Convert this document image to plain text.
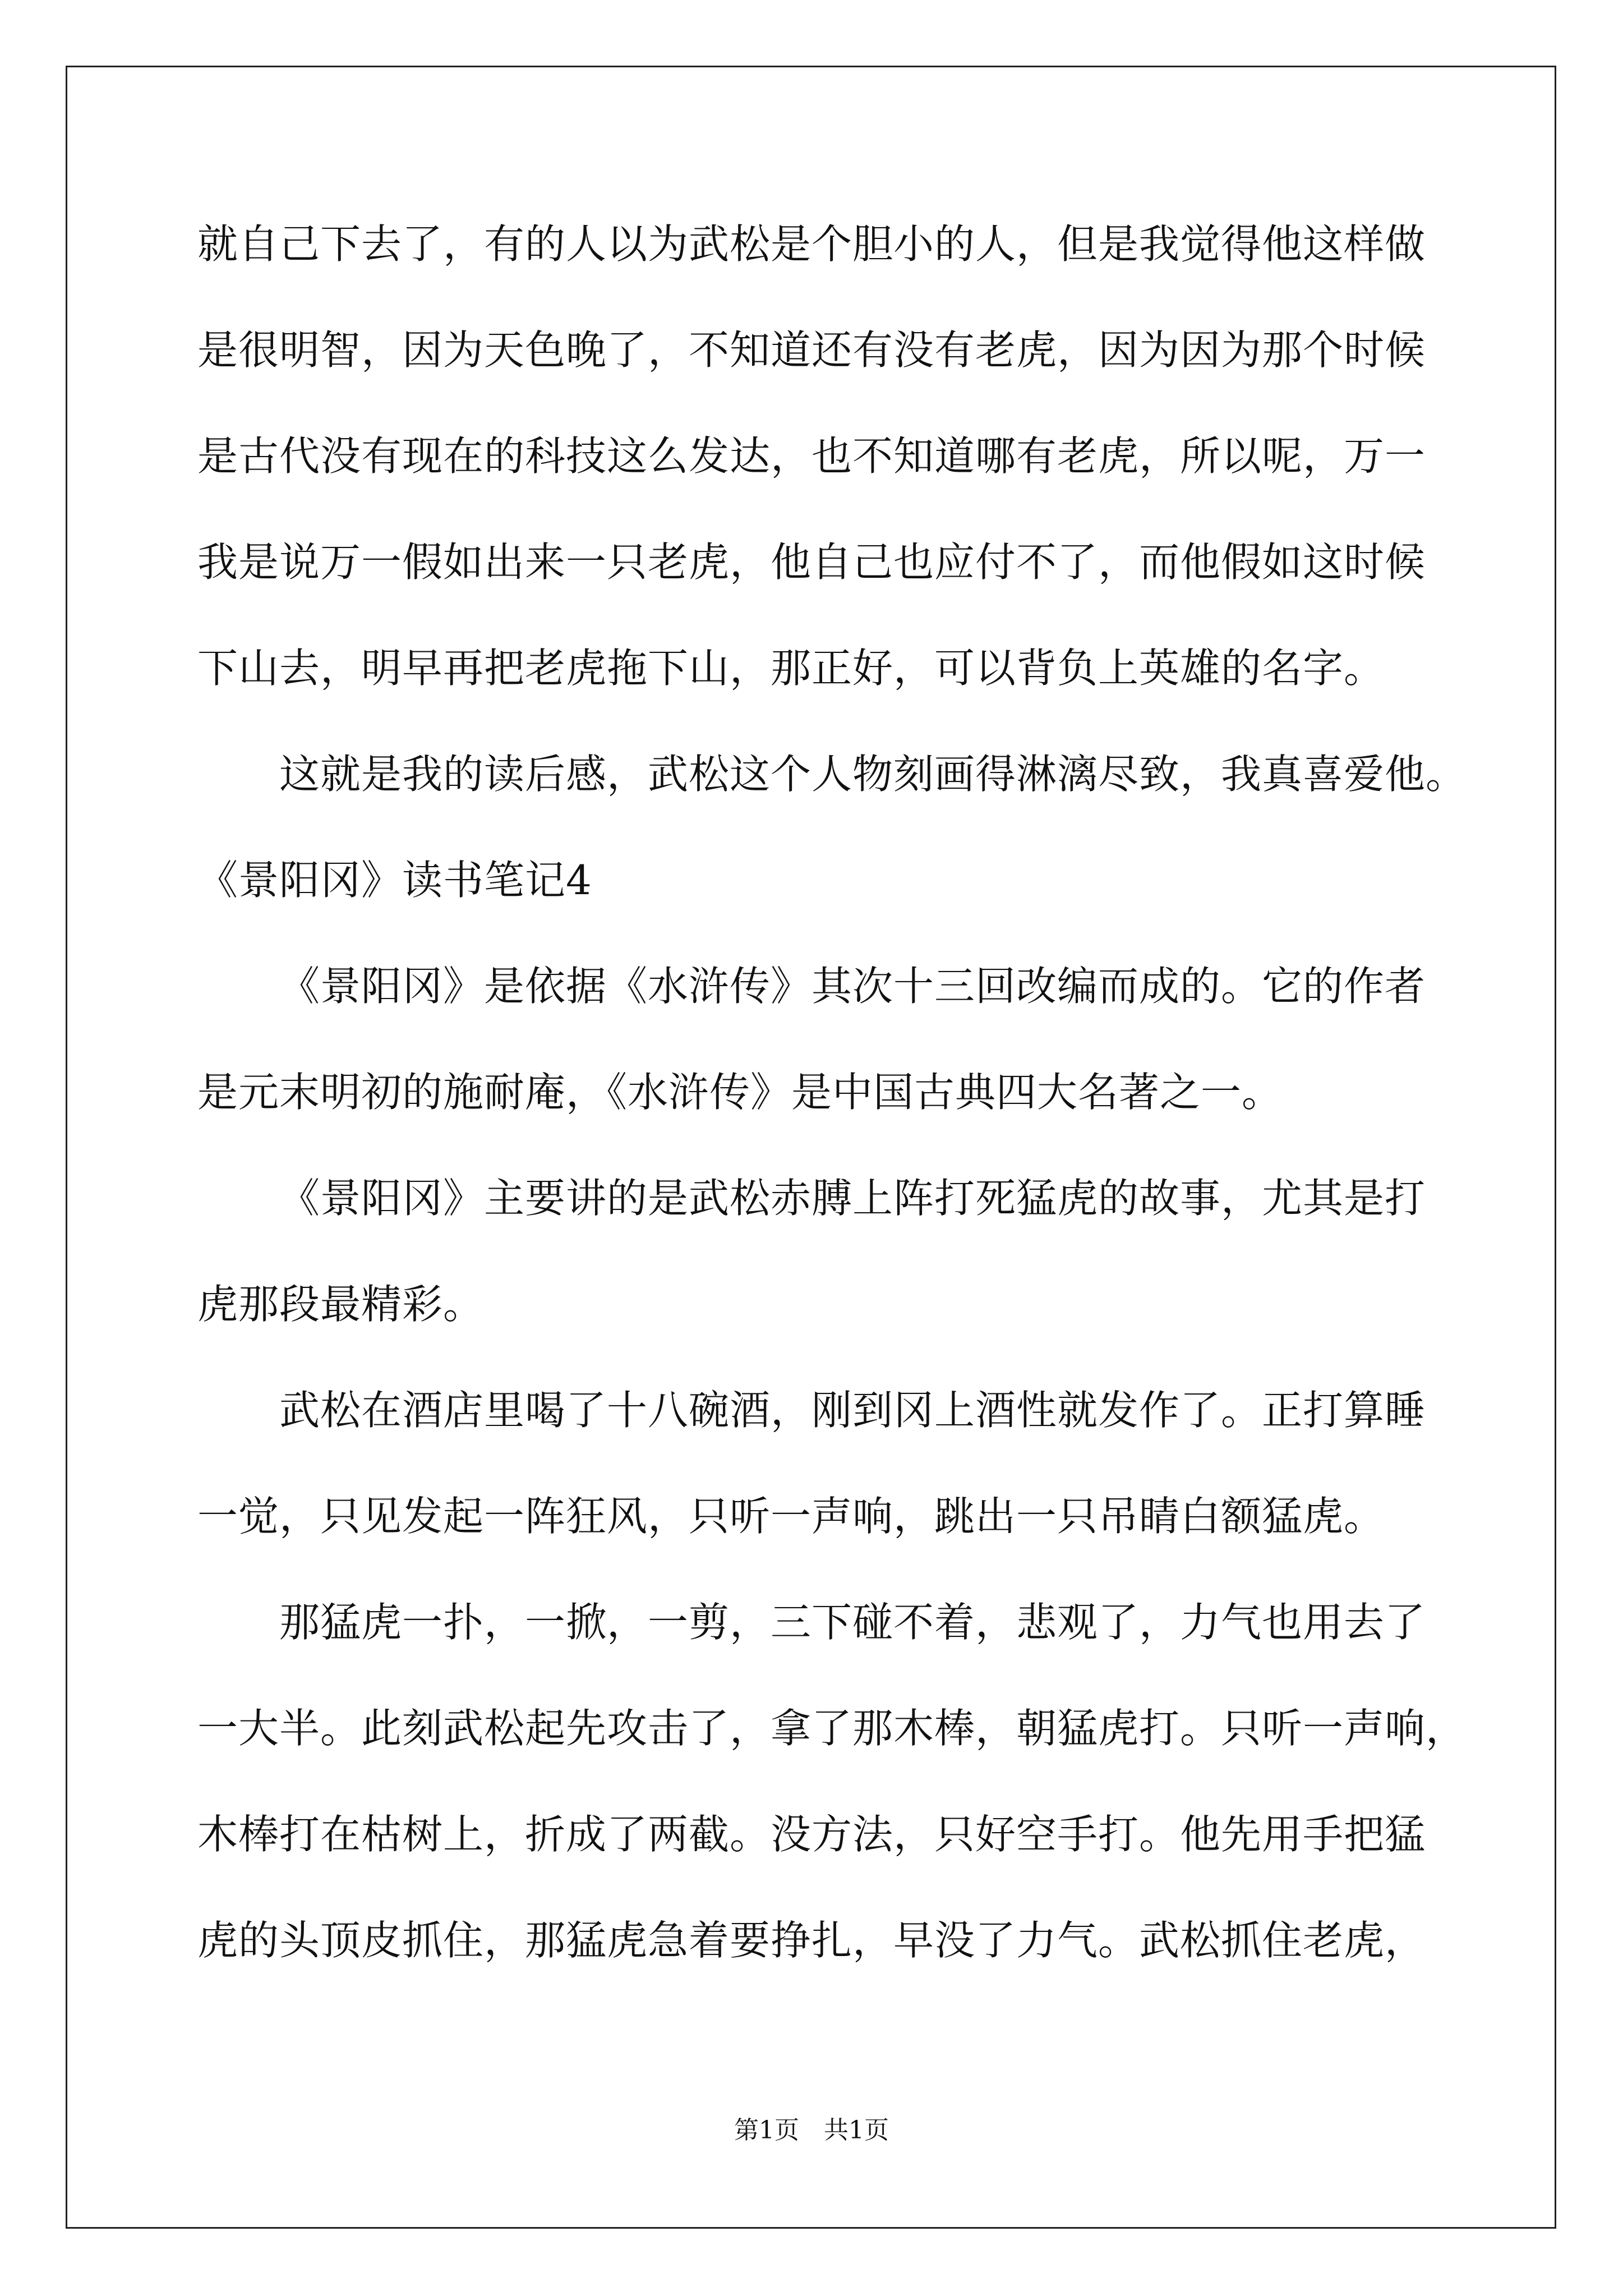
就自己下去了，有的人以为武松是个胆小的人，但是我觉得他这样做
是很明智，因为天色晚了，不知道还有没有老虎，因为因为那个时候
是古代没有现在的科技这么发达，也不知道哪有老虎，所以呢，万一
我是说万一假如出来一只老虎，他自己也应付不了，而他假如这时候
下山去，明早再把老虎拖下山，那正好，可以背负上英雄的名字。
这就是我的读后感，武松这个人物刻画得淋漓尽致，我真喜爱他。
《景阳冈》读书笔记4
《景阳冈》是依据《水浒传》其次十三回改编而成的。它的作者
是元末明初的施耐庵，《水浒传》是中国古典四大名著之一。
《景阳冈》主要讲的是武松赤膊上阵打死猛虎的故事，尤其是打
虎那段最精彩。
武松在酒店里喝了十八碗酒，刚到冈上酒性就发作了。正打算睡
一觉，只见发起一阵狂风，只听一声响，跳出一只吊睛白额猛虎。
那猛虎一扑，一掀，一剪，三下碰不着，悲观了，力气也用去了
一大半。此刻武松起先攻击了，拿了那木棒，朝猛虎打。只听一声响，
木棒打在枯树上，折成了两截。没方法，只好空手打。他先用手把猛
虎的头顶皮抓住，那猛虎急着要挣扎，早没了力气。武松抓住老虎，
第1页　共1页
